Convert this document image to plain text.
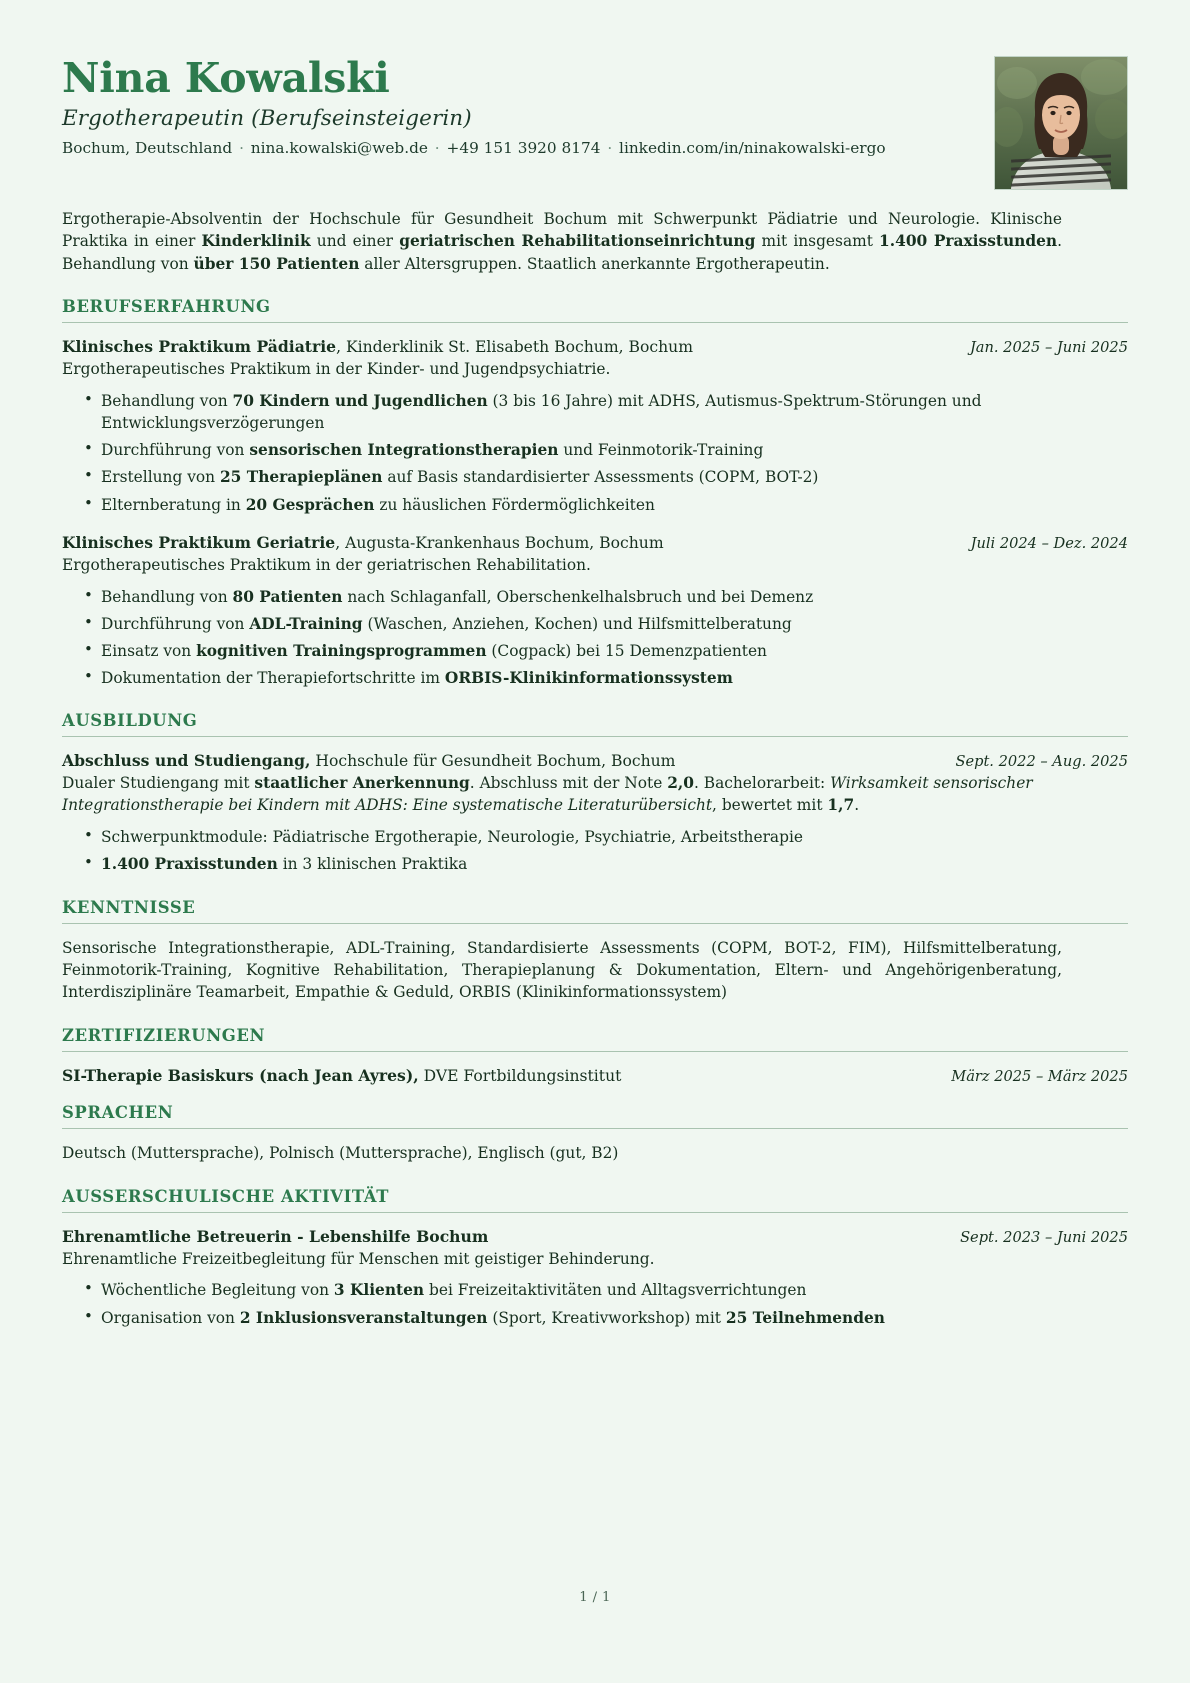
Nina Kowalski
Ergotherapeutin (Berufseinsteigerin)
Bochum, Deutschland · nina.kowalski@web.de · +49 151 3920 8174 · linkedin.com/in/ninakowalski-ergo

Ergotherapie-Absolventin der Hochschule für Gesundheit Bochum mit Schwerpunkt Pädiatrie und Neurologie. Klinische Praktika in einer Kinderklinik und einer geriatrischen Rehabilitationseinrichtung mit insgesamt 1.400 Praxisstunden. Behandlung von über 150 Patienten aller Altersgruppen. Staatlich anerkannte Ergotherapeutin.

BERUFSERFAHRUNG
Klinisches Praktikum Pädiatrie, Kinderklinik St. Elisabeth Bochum, Bochum	Jan. 2025 – Juni 2025
Ergotherapeutisches Praktikum in der Kinder- und Jugendpsychiatrie.
• Behandlung von 70 Kindern und Jugendlichen (3 bis 16 Jahre) mit ADHS, Autismus-Spektrum-Störungen und Entwicklungsverzögerungen
• Durchführung von sensorischen Integrationstherapien und Feinmotorik-Training
• Erstellung von 25 Therapieplänen auf Basis standardisierter Assessments (COPM, BOT-2)
• Elternberatung in 20 Gesprächen zu häuslichen Fördermöglichkeiten
Klinisches Praktikum Geriatrie, Augusta-Krankenhaus Bochum, Bochum	Juli 2024 – Dez. 2024
Ergotherapeutisches Praktikum in der geriatrischen Rehabilitation.
• Behandlung von 80 Patienten nach Schlaganfall, Oberschenkelhalsbruch und bei Demenz
• Durchführung von ADL-Training (Waschen, Anziehen, Kochen) und Hilfsmittelberatung
• Einsatz von kognitiven Trainingsprogrammen (Cogpack) bei 15 Demenzpatienten
• Dokumentation der Therapiefortschritte im ORBIS-Klinikinformationssystem
AUSBILDUNG
Abschluss und Studiengang, Hochschule für Gesundheit Bochum, Bochum	Sept. 2022 – Aug. 2025
Dualer Studiengang mit staatlicher Anerkennung. Abschluss mit der Note 2,0. Bachelorarbeit: Wirksamkeit sensorischer Integrationstherapie bei Kindern mit ADHS: Eine systematische Literaturübersicht, bewertet mit 1,7.
• Schwerpunktmodule: Pädiatrische Ergotherapie, Neurologie, Psychiatrie, Arbeitstherapie
• 1.400 Praxisstunden in 3 klinischen Praktika
KENNTNISSE
Sensorische Integrationstherapie, ADL-Training, Standardisierte Assessments (COPM, BOT-2, FIM), Hilfsmittelberatung, Feinmotorik-Training, Kognitive Rehabilitation, Therapieplanung & Dokumentation, Eltern- und Angehörigenberatung, Interdisziplinäre Teamarbeit, Empathie & Geduld, ORBIS (Klinikinformationssystem)
ZERTIFIZIERUNGEN
SI-Therapie Basiskurs (nach Jean Ayres), DVE Fortbildungsinstitut	März 2025 – März 2025
SPRACHEN
Deutsch (Muttersprache), Polnisch (Muttersprache), Englisch (gut, B2)
AUSSERSCHULISCHE AKTIVITÄT
Ehrenamtliche Betreuerin - Lebenshilfe Bochum	Sept. 2023 – Juni 2025
Ehrenamtliche Freizeitbegleitung für Menschen mit geistiger Behinderung.
• Wöchentliche Begleitung von 3 Klienten bei Freizeitaktivitäten und Alltagsverrichtungen
• Organisation von 2 Inklusionsveranstaltungen (Sport, Kreativworkshop) mit 25 Teilnehmenden
1 / 1
